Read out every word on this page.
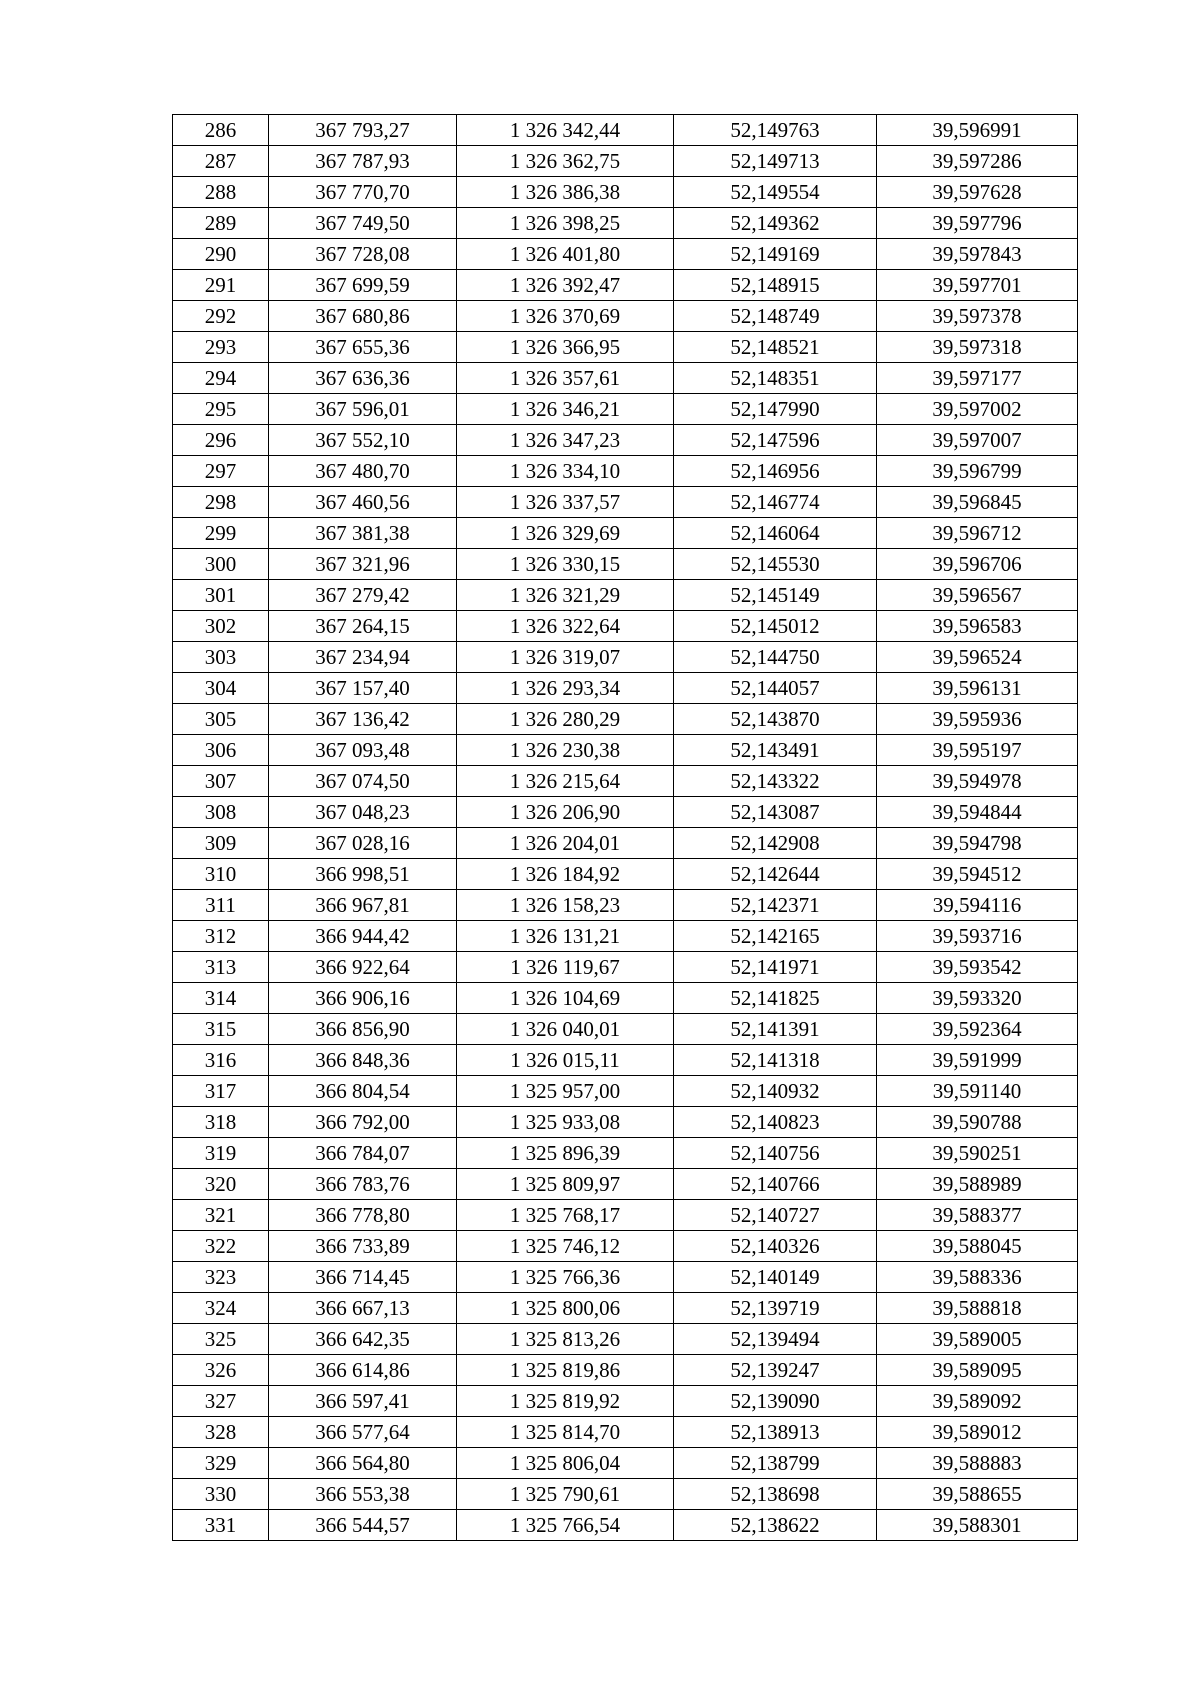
286	367 793,27	1 326 342,44	52,149763	39,596991
287	367 787,93	1 326 362,75	52,149713	39,597286
288	367 770,70	1 326 386,38	52,149554	39,597628
289	367 749,50	1 326 398,25	52,149362	39,597796
290	367 728,08	1 326 401,80	52,149169	39,597843
291	367 699,59	1 326 392,47	52,148915	39,597701
292	367 680,86	1 326 370,69	52,148749	39,597378
293	367 655,36	1 326 366,95	52,148521	39,597318
294	367 636,36	1 326 357,61	52,148351	39,597177
295	367 596,01	1 326 346,21	52,147990	39,597002
296	367 552,10	1 326 347,23	52,147596	39,597007
297	367 480,70	1 326 334,10	52,146956	39,596799
298	367 460,56	1 326 337,57	52,146774	39,596845
299	367 381,38	1 326 329,69	52,146064	39,596712
300	367 321,96	1 326 330,15	52,145530	39,596706
301	367 279,42	1 326 321,29	52,145149	39,596567
302	367 264,15	1 326 322,64	52,145012	39,596583
303	367 234,94	1 326 319,07	52,144750	39,596524
304	367 157,40	1 326 293,34	52,144057	39,596131
305	367 136,42	1 326 280,29	52,143870	39,595936
306	367 093,48	1 326 230,38	52,143491	39,595197
307	367 074,50	1 326 215,64	52,143322	39,594978
308	367 048,23	1 326 206,90	52,143087	39,594844
309	367 028,16	1 326 204,01	52,142908	39,594798
310	366 998,51	1 326 184,92	52,142644	39,594512
311	366 967,81	1 326 158,23	52,142371	39,594116
312	366 944,42	1 326 131,21	52,142165	39,593716
313	366 922,64	1 326 119,67	52,141971	39,593542
314	366 906,16	1 326 104,69	52,141825	39,593320
315	366 856,90	1 326 040,01	52,141391	39,592364
316	366 848,36	1 326 015,11	52,141318	39,591999
317	366 804,54	1 325 957,00	52,140932	39,591140
318	366 792,00	1 325 933,08	52,140823	39,590788
319	366 784,07	1 325 896,39	52,140756	39,590251
320	366 783,76	1 325 809,97	52,140766	39,588989
321	366 778,80	1 325 768,17	52,140727	39,588377
322	366 733,89	1 325 746,12	52,140326	39,588045
323	366 714,45	1 325 766,36	52,140149	39,588336
324	366 667,13	1 325 800,06	52,139719	39,588818
325	366 642,35	1 325 813,26	52,139494	39,589005
326	366 614,86	1 325 819,86	52,139247	39,589095
327	366 597,41	1 325 819,92	52,139090	39,589092
328	366 577,64	1 325 814,70	52,138913	39,589012
329	366 564,80	1 325 806,04	52,138799	39,588883
330	366 553,38	1 325 790,61	52,138698	39,588655
331	366 544,57	1 325 766,54	52,138622	39,588301
